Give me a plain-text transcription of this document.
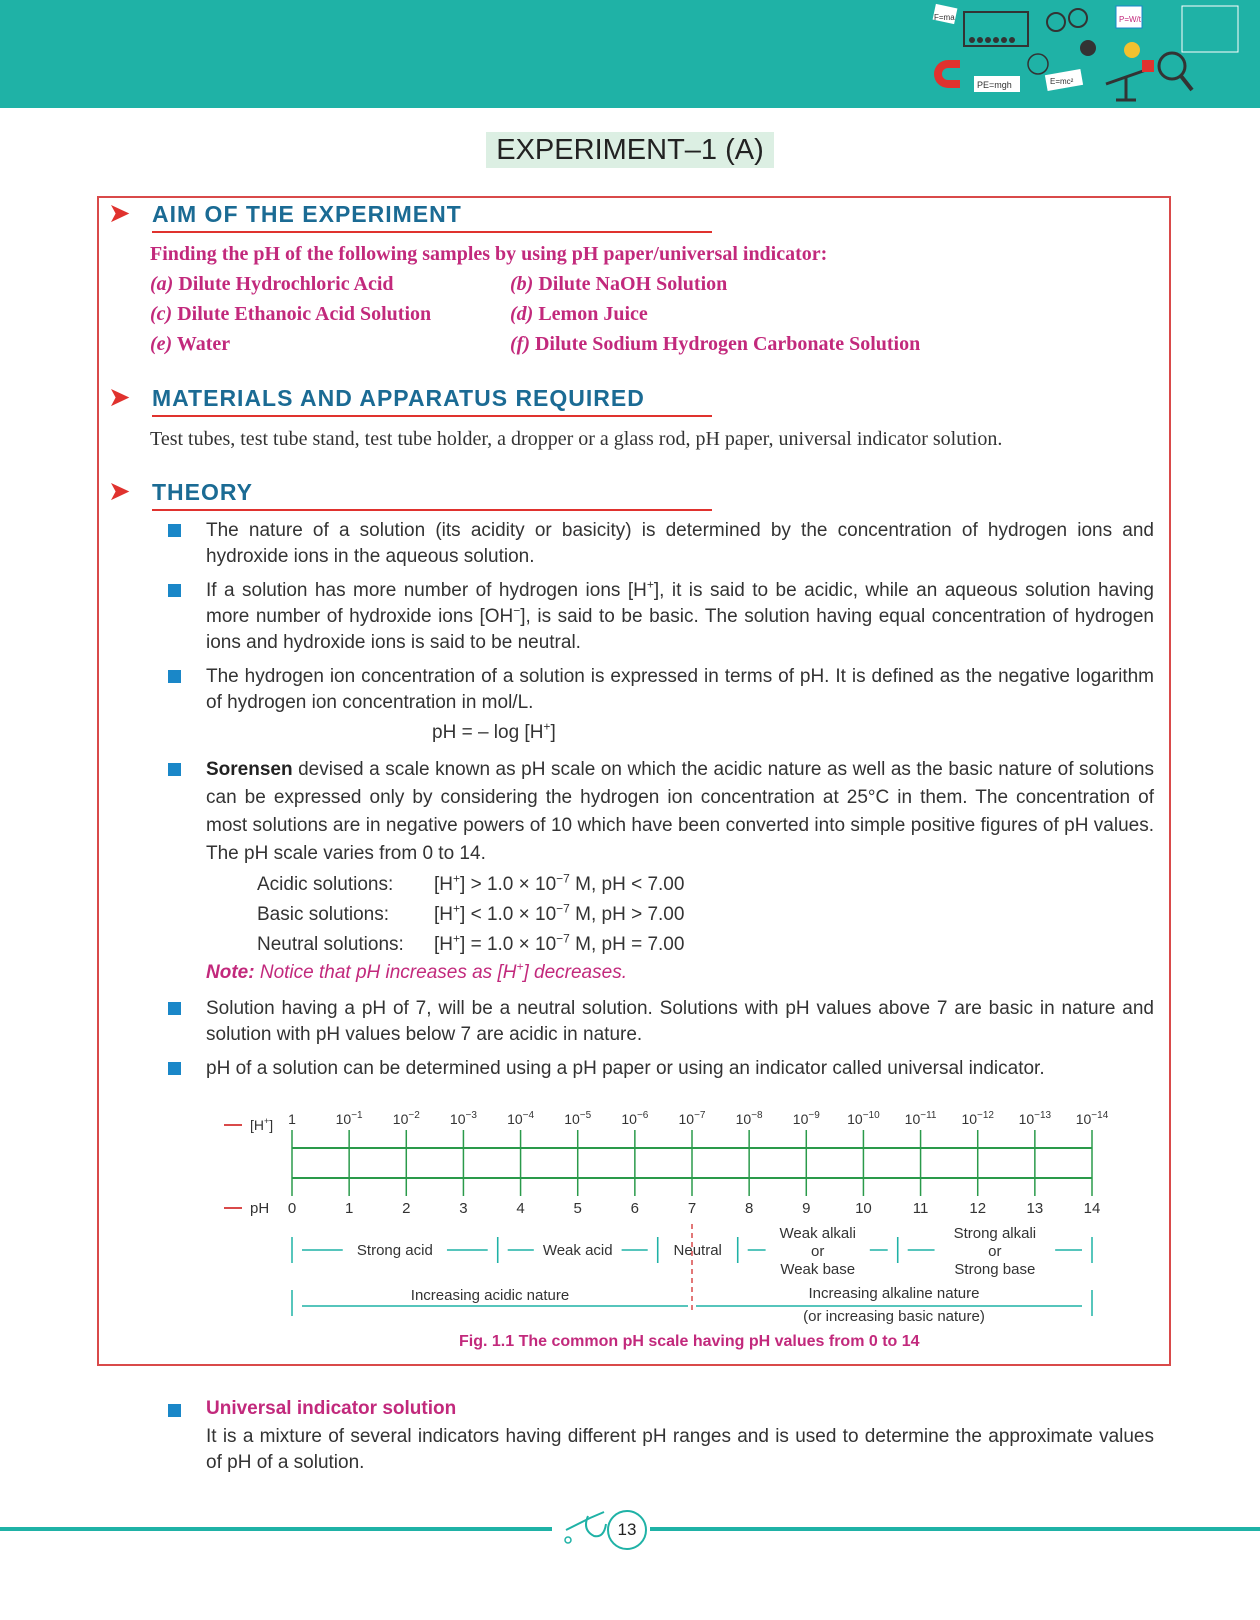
F=ma	P=W/t
PE=mgh	E=mc²
EXPERIMENT–1 (A)
➤ AIM OF THE EXPERIMENT
Finding the pH of the following samples by using pH paper/universal indicator:
(a) Dilute Hydrochloric Acid	(b) Dilute NaOH Solution
(c) Dilute Ethanoic Acid Solution	(d) Lemon Juice
(e) Water	(f) Dilute Sodium Hydrogen Carbonate Solution
➤ MATERIALS AND APPARATUS REQUIRED
Test tubes, test tube stand, test tube holder, a dropper or a glass rod, pH paper, universal indicator solution.
➤ THEORY
The nature of a solution (its acidity or basicity) is determined by the concentration of hydrogen ions and hydroxide ions in the aqueous solution.
If a solution has more number of hydrogen ions [H+], it is said to be acidic, while an aqueous solution having more number of hydroxide ions [OH−], is said to be basic. The solution having equal concentration of hydrogen ions and hydroxide ions is said to be neutral.
The hydrogen ion concentration of a solution is expressed in terms of pH. It is defined as the negative logarithm of hydrogen ion concentration in mol/L.
pH = – log [H+]
Sorensen devised a scale known as pH scale on which the acidic nature as well as the basic nature of solutions can be expressed only by considering the hydrogen ion concentration at 25°C in them. The concentration of most solutions are in negative powers of 10 which have been converted into simple positive figures of pH values. The pH scale varies from 0 to 14.
Acidic solutions: $[H^+] > 1.0 \times 10^{-7}$ M, pH < 7.00
Basic solutions: $[H^+] < 1.0 \times 10^{-7}$ M, pH > 7.00
Neutral solutions: $[H^+] = 1.0 \times 10^{-7}$ M, pH = 7.00
Note: Notice that pH increases as [H+] decreases.
Solution having a pH of 7, will be a neutral solution. Solutions with pH values above 7 are basic in nature and solution with pH values below 7 are acidic in nature.
pH of a solution can be determined using a pH paper or using an indicator called universal indicator.
[H+]
pH
1	$10^{-1}$ $10^{-2}$ $10^{-3}$ $10^{-4}$ $10^{-5}$ $10^{-6}$ $10^{-7}$ $10^{-8}$ $10^{-9}$ $10^{-10}$ $10^{-11}$ $10^{-12}$ $10^{-13}$ $10^{-14}$
0	1	2	3	4	5	6	7	8	9	10	11	12	13	14
Strong acid	Weak acid	Neutral
Weak alkali
or
Weak base
Strong alkali
or
Strong base
Increasing acidic nature	Increasing alkaline nature
(or increasing basic nature)
Fig. 1.1 The common pH scale having pH values from 0 to 14
Universal indicator solution
It is a mixture of several indicators having different pH ranges and is used to determine the approximate values of pH of a solution.
13
